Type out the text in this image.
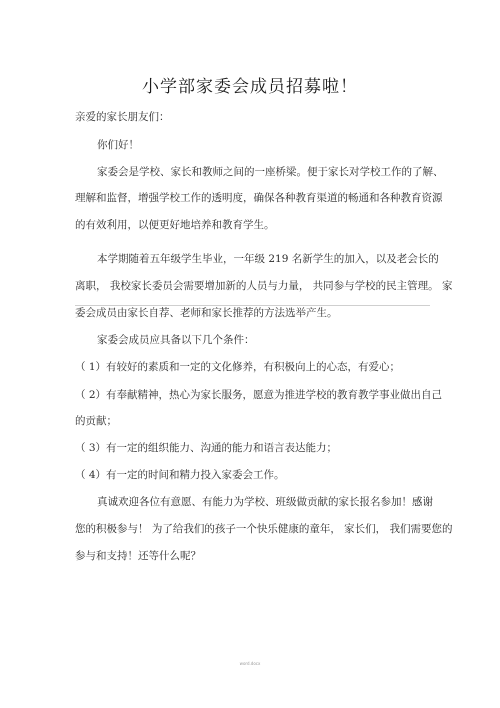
小学部家委会成员招募啦！
亲爱的家长朋友们：
你们好！
家委会是学校、家长和教师之间的一座桥梁。便于家长对学校工作的了解、
理解和监督，增强学校工作的透明度，确保各种教育渠道的畅通和各种教育资源
的有效利用，以便更好地培养和教育学生。
本学期随着五年级学生毕业，一年级 219 名新学生的加入，以及老会长的
离职， 我校家长委员会需要增加新的人员与力量， 共同参与学校的民主管理。 家
委会成员由家长自荐、老师和家长推荐的方法选举产生。
家委会成员应具备以下几个条件：
（ 1）有较好的素质和一定的文化修养，有积极向上的心态，有爱心；
（ 2）有奉献精神，热心为家长服务，愿意为推进学校的教育教学事业做出自己
的贡献；
（ 3）有一定的组织能力、沟通的能力和语言表达能力；
（ 4）有一定的时间和精力投入家委会工作。
真诚欢迎各位有意愿、有能力为学校、班级做贡献的家长报名参加！感谢
您的积极参与！ 为了给我们的孩子一个快乐健康的童年， 家长们， 我们需要您的
参与和支持！还等什么呢？
word.docx
